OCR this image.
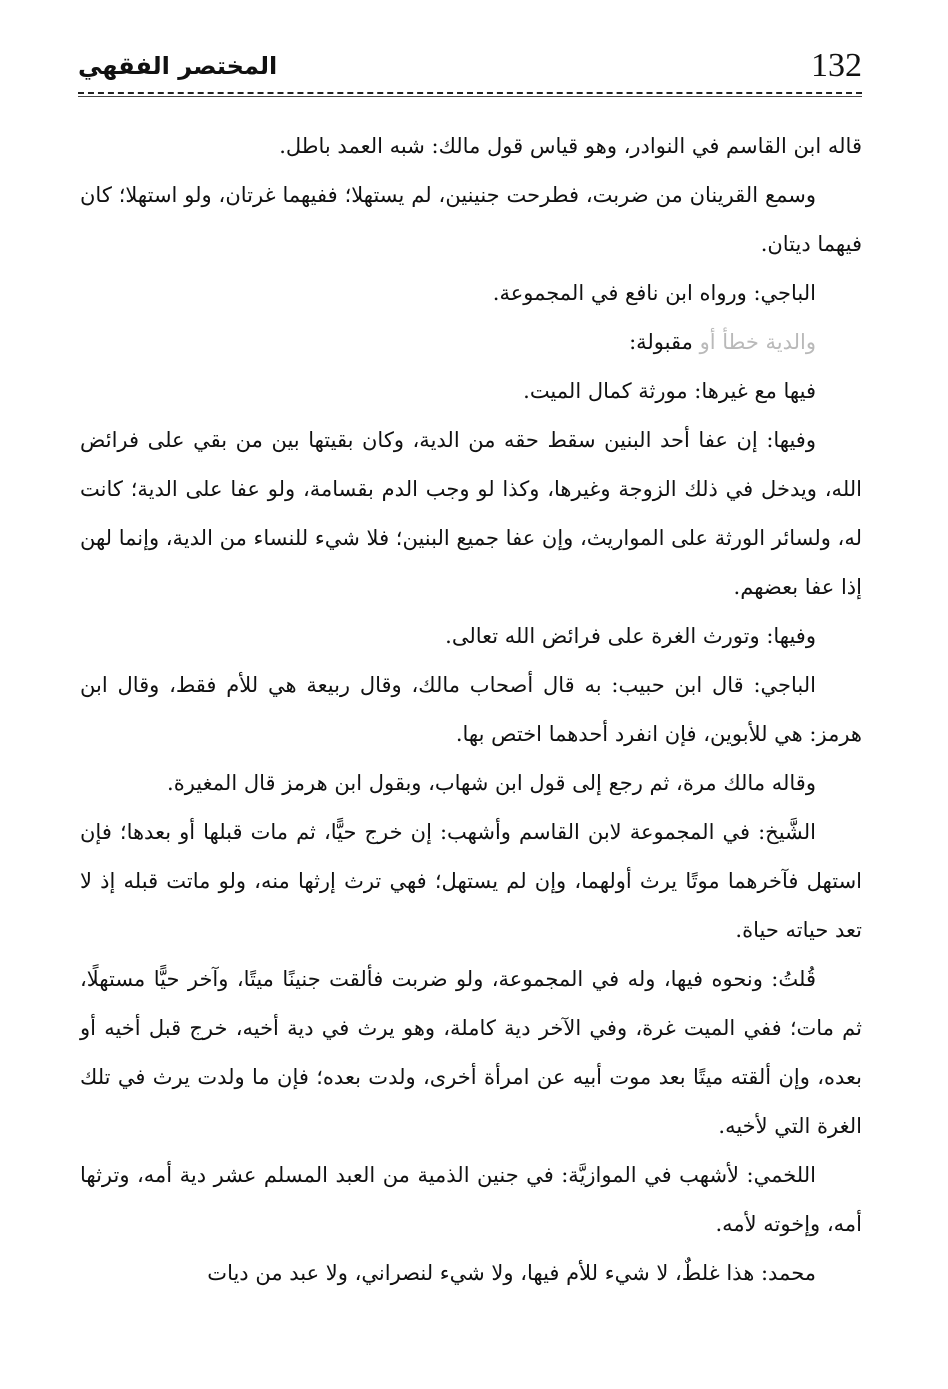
132
المختصر الفقهي

قاله ابن القاسم في النوادر، وهو قياس قول مالك: شبه العمد باطل.

وسمع القرينان من ضربت، فطرحت جنينين، لم يستهلا؛ ففيهما غرتان، ولو استهلا؛ كان فيهما ديتان.

الباجي: ورواه ابن نافع في المجموعة.

والدية خطأ أو مقبولة:

فيها مع غيرها: مورثة كمال الميت.

وفيها: إن عفا أحد البنين سقط حقه من الدية، وكان بقيتها بين من بقي على فرائض الله، ويدخل في ذلك الزوجة وغيرها، وكذا لو وجب الدم بقسامة، ولو عفا على الدية؛ كانت له، ولسائر الورثة على المواريث، وإن عفا جميع البنين؛ فلا شيء للنساء من الدية، وإنما لهن إذا عفا بعضهم.

وفيها: وتورث الغرة على فرائض الله تعالى.

الباجي: قال ابن حبيب: به قال أصحاب مالك، وقال ربيعة هي للأم فقط، وقال ابن هرمز: هي للأبوين، فإن انفرد أحدهما اختص بها.

وقاله مالك مرة، ثم رجع إلى قول ابن شهاب، وبقول ابن هرمز قال المغيرة.

الشَّيخ: في المجموعة لابن القاسم وأشهب: إن خرج حيًّا، ثم مات قبلها أو بعدها؛ فإن استهل فآخرهما موتًا يرث أولهما، وإن لم يستهل؛ فهي ترث إرثها منه، ولو ماتت قبله إذ لا تعد حياته حياة.

قُلتُ: ونحوه فيها، وله في المجموعة، ولو ضربت فألقت جنينًا ميتًا، وآخر حيًّا مستهلًا، ثم مات؛ ففي الميت غرة، وفي الآخر دية كاملة، وهو يرث في دية أخيه، خرج قبل أخيه أو بعده، وإن ألقته ميتًا بعد موت أبيه عن امرأة أخرى، ولدت بعده؛ فإن ما ولدت يرث في تلك الغرة التي لأخيه.

اللخمي: لأشهب في الموازيَّة: في جنين الذمية من العبد المسلم عشر دية أمه، وترثها أمه، وإخوته لأمه.

محمد: هذا غلطٌ، لا شيء للأم فيها، ولا شيء لنصراني، ولا عبد من ديات
